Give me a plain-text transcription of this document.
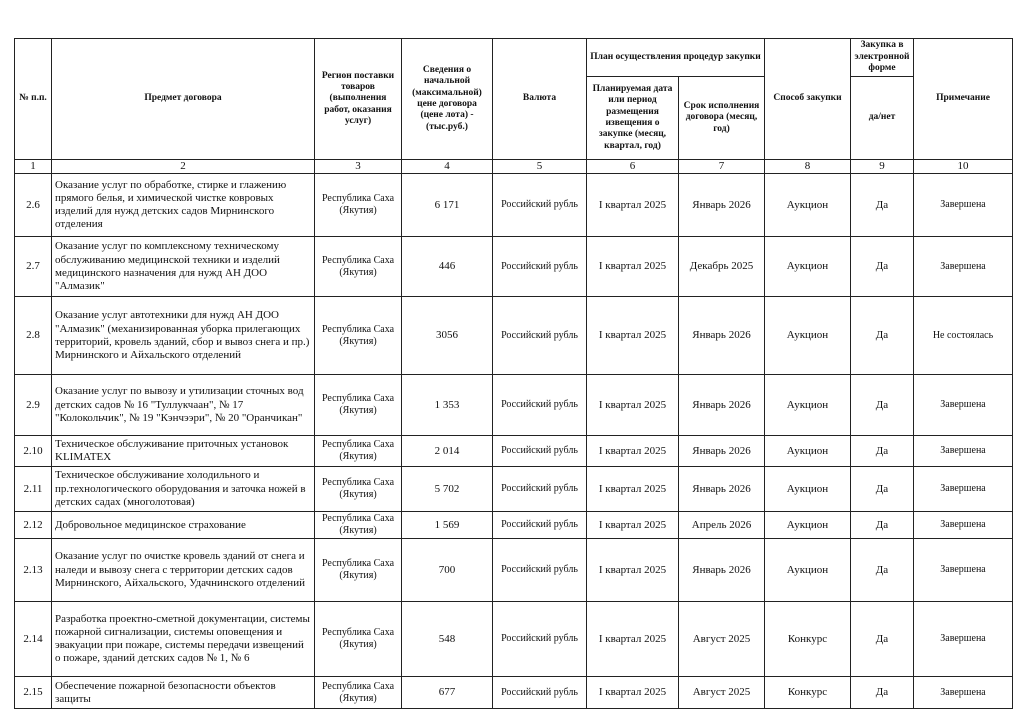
№ п.п.	Предмет договора	Регион поставки товаров (выполнения работ, оказания услуг)	Сведения о начальной (максимальной) цене договора (цене лота) - (тыс.руб.)	Валюта	План осуществления процедур закупки		Способ закупки	Закупка в электронной форме	Примечание
					Планируемая дата или период размещения извещения о закупке (месяц, квартал, год)	Срок исполнения договора (месяц, год)		да/нет	
1	2	3	4	5	6	7	8	9	10
2.6	Оказание услуг по обработке, стирке и глажению прямого белья, и химической чистке ковровых изделий для нужд детских садов Мирнинского отделения	Республика Саха (Якутия)	6 171	Российский рубль	I квартал 2025	Январь 2026	Аукцион	Да	Завершена
2.7	Оказание услуг по комплексному техническому обслуживанию медицинской техники и изделий медицинского назначения для нужд АН ДОО "Алмазик"	Республика Саха (Якутия)	446	Российский рубль	I квартал 2025	Декабрь 2025	Аукцион	Да	Завершена
2.8	Оказание услуг автотехники для нужд АН ДОО "Алмазик" (механизированная уборка прилегающих территорий, кровель зданий, сбор и вывоз снега и пр.) Мирнинского и Айхальского отделений	Республика Саха (Якутия)	3056	Российский рубль	I квартал 2025	Январь 2026	Аукцион	Да	Не состоялась
2.9	Оказание услуг по вывозу и утилизации сточных вод детских садов № 16 "Туллукчаан", № 17 "Колокольчик", № 19 "Кэнчээри", № 20 "Оранчикан"	Республика Саха (Якутия)	1 353	Российский рубль	I квартал 2025	Январь 2026	Аукцион	Да	Завершена
2.10	Техническое обслуживание приточных установок KLIMATEX	Республика Саха (Якутия)	2 014	Российский рубль	I квартал 2025	Январь 2026	Аукцион	Да	Завершена
2.11	Техническое обслуживание холодильного и пр.технологического оборудования и заточка ножей в детских садах (многолотовая)	Республика Саха (Якутия)	5 702	Российский рубль	I квартал 2025	Январь 2026	Аукцион	Да	Завершена
2.12	Добровольное медицинское страхование	Республика Саха (Якутия)	1 569	Российский рубль	I квартал 2025	Апрель 2026	Аукцион	Да	Завершена
2.13	Оказание услуг по очистке кровель зданий от снега и наледи и вывозу снега с территории детских садов Мирнинского, Айхальского, Удачнинского отделений	Республика Саха (Якутия)	700	Российский рубль	I квартал 2025	Январь 2026	Аукцион	Да	Завершена
2.14	Разработка проектно-сметной документации, системы пожарной сигнализации, системы оповещения и эвакуации при пожаре, системы передачи извещений о пожаре, зданий детских садов № 1, № 6	Республика Саха (Якутия)	548	Российский рубль	I квартал 2025	Август 2025	Конкурс	Да	Завершена
2.15	Обеспечение пожарной безопасности объектов защиты	Республика Саха (Якутия)	677	Российский рубль	I квартал 2025	Август 2025	Конкурс	Да	Завершена
